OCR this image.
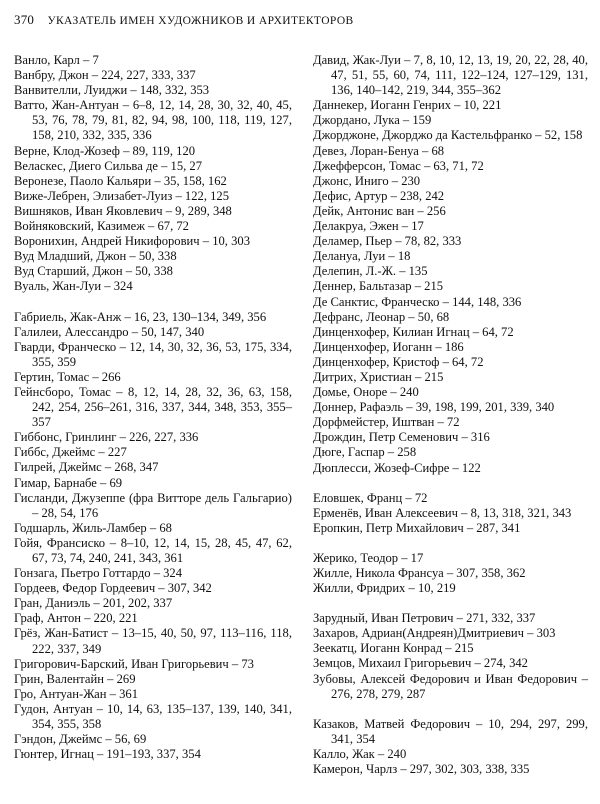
370 УКАЗАТЕЛЬ ИМЕН ХУДОЖНИКОВ И АРХИТЕКТОРОВ
Ванло, Карл – 7
Ванбру, Джон – 224, 227, 333, 337
Ванвителли, Луиджи – 148, 332, 353
Ватто, Жан-Антуан – 6–8, 12, 14, 28, 30, 32, 40, 45, 53, 76, 78, 79, 81, 82, 94, 98, 100, 118, 119, 127, 158, 210, 332, 335, 336
Верне, Клод-Жозеф – 89, 119, 120
Веласкес, Диего Сильва де – 15, 27
Веронезе, Паоло Кальяри – 35, 158, 162
Виже-Лебрен, Элизабет-Луиз – 122, 125
Вишняков, Иван Яковлевич – 9, 289, 348
Войняковский, Казимеж – 67, 72
Воронихин, Андрей Никифорович – 10, 303
Вуд Младший, Джон – 50, 338
Вуд Старший, Джон – 50, 338
Вуаль, Жан-Луи – 324
Габриель, Жак-Анж – 16, 23, 130–134, 349, 356
Галилеи, Алессандро – 50, 147, 340
Гварди, Франческо – 12, 14, 30, 32, 36, 53, 175, 334, 355, 359
Гертин, Томас – 266
Гейнсборо, Томас – 8, 12, 14, 28, 32, 36, 63, 158, 242, 254, 256–261, 316, 337, 344, 348, 353, 355–357
Гиббонс, Гринлинг – 226, 227, 336
Гиббс, Джеймс – 227
Гилрей, Джеймс – 268, 347
Гимар, Барнабе – 69
Гисланди, Джузеппе (фра Витторе дель Гальгарио) – 28, 54, 176
Годшарль, Жиль-Ламбер – 68
Гойя, Франсиско – 8–10, 12, 14, 15, 28, 45, 47, 62, 67, 73, 74, 240, 241, 343, 361
Гонзага, Пьетро Готтардо – 324
Гордеев, Федор Гордеевич – 307, 342
Гран, Даниэль – 201, 202, 337
Граф, Антон – 220, 221
Грёз, Жан-Батист – 13–15, 40, 50, 97, 113–116, 118, 222, 337, 349
Григорович-Барский, Иван Григорьевич – 73
Грин, Валентайн – 269
Гро, Антуан-Жан – 361
Гудон, Антуан – 10, 14, 63, 135–137, 139, 140, 341, 354, 355, 358
Гэндон, Джеймс – 56, 69
Гюнтер, Игнац – 191–193, 337, 354
Давид, Жак-Луи – 7, 8, 10, 12, 13, 19, 20, 22, 28, 40, 47, 51, 55, 60, 74, 111, 122–124, 127–129, 131, 136, 140–142, 219, 344, 355–362
Даннекер, Иоганн Генрих – 10, 221
Джордано, Лука – 159
Джорджоне, Джорджо да Кастельфранко – 52, 158
Девез, Лоран-Бенуа – 68
Джефферсон, Томас – 63, 71, 72
Джонс, Иниго – 230
Дефис, Артур – 238, 242
Дейк, Антонис ван – 256
Делакруа, Эжен – 17
Деламер, Пьер – 78, 82, 333
Делануа, Луи – 18
Делепин, Л.-Ж. – 135
Деннер, Бальтазар – 215
Де Санктис, Франческо – 144, 148, 336
Дефранс, Леонар – 50, 68
Динценхофер, Килиан Игнац – 64, 72
Динценхофер, Иоганн – 186
Динценхофер, Кристоф – 64, 72
Дитрих, Христиан – 215
Домье, Оноре – 240
Доннер, Рафаэль – 39, 198, 199, 201, 339, 340
Дорфмейстер, Иштван – 72
Дрождин, Петр Семенович – 316
Дюге, Гаспар – 258
Дюплесси, Жозеф-Сифре – 122
Еловшек, Франц – 72
Ерменёв, Иван Алексеевич – 8, 13, 318, 321, 343
Еропкин, Петр Михайлович – 287, 341
Жерико, Теодор – 17
Жилле, Никола Франсуа – 307, 358, 362
Жилли, Фридрих – 10, 219
Зарудный, Иван Петрович – 271, 332, 337
Захаров, Адриан(Андреян)Дмитриевич – 303
Зеекатц, Иоганн Конрад – 215
Земцов, Михаил Григорьевич – 274, 342
Зубовы, Алексей Федорович и Иван Федорович – 276, 278, 279, 287
Казаков, Матвей Федорович – 10, 294, 297, 299, 341, 354
Калло, Жак – 240
Камерон, Чарлз – 297, 302, 303, 338, 335
